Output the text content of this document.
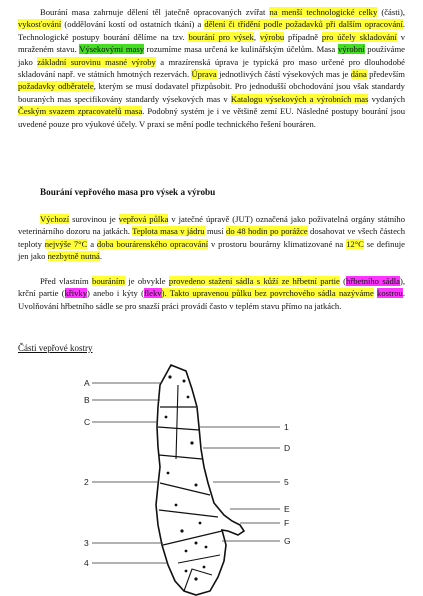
Bourání masa zahrnuje dělení těl jatečně opracovaných zvířat na menší technologické celky (části), vykosťování (oddělování kostí od ostatních tkání) a dělení či třídění podle požadavků při dalším opracování. Technologické postupy bourání dělíme na tzv. bourání pro výsek, výrobu případně pro účely skladování v mraženém stavu. Výsekovými masy rozumíme masa určená ke kulinářským účelům. Masa výrobní používáme jako základní surovinu masné výroby a mrazírenská úprava je typická pro maso určené pro dlouhodobé skladování např. ve státních hmotných rezervách. Úprava jednotlivých částí výsekových mas je dána především požadavky odběratele, kterým se musí dodavatel přizpůsobit. Pro jednodušší obchodování jsou však standardy bouraných mas specifikovány standardy výsekových mas v Katalogu výsekových a výrobních mas vydaných Českým svazem zpracovatelů masa. Podobný systém je i ve většině zemí EU. Následné postupy bourání jsou uvedené pouze pro výukové účely. V praxi se mění podle technického řešení bouráren.

Bourání vepřového masa pro výsek a výrobu

Výchozí surovinou je vepřová půlka v jatečné úpravě (JUT) označená jako poživatelná orgány státního veterinárního dozoru na jatkách. Teplota masa v jádru musí do 48 hodin po porážce dosahovat ve všech částech teploty nejvýše 7°C a doba bourárenského opracování v prostoru bourárny klimatizované na 12°C se definuje jen jako nezbytně nutná.

Před vlastním bouráním je obvykle provedeno stažení sádla s kůží ze hřbetní partie (hřbetního sádla), krční partie (křivky) anebo i kýty (flekv). Takto upravenou půlku bez povrchového sádla nazýváme kostrou. Uvolňování hřbetního sádle se pro snazší práci provádí často v teplém stavu přímo na jatkách.

Části vepřové kostry
A
B
C
2
3
4
1
D
5
E
F
G
